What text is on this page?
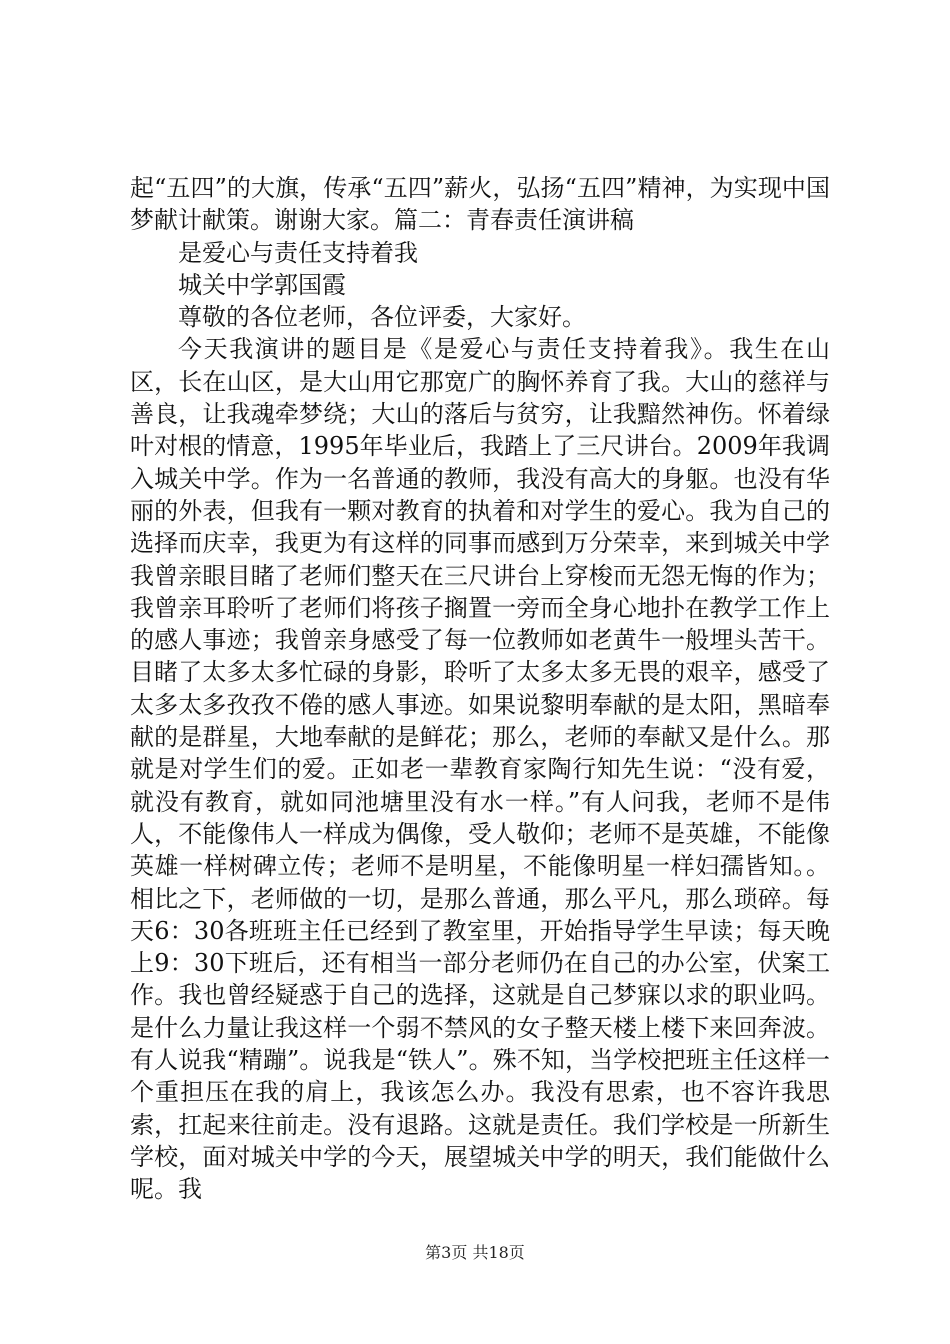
起“五四”的大旗，传承“五四”薪火，弘扬“五四”精神，为实现中国梦献计献策。谢谢大家。篇二：青春责任演讲稿

是爱心与责任支持着我

城关中学郭国霞

尊敬的各位老师，各位评委，大家好。

今天我演讲的题目是《是爱心与责任支持着我》。我生在山区，长在山区，是大山用它那宽广的胸怀养育了我。大山的慈祥与善良，让我魂牵梦绕；大山的落后与贫穷，让我黯然神伤。怀着绿叶对根的情意，1995年毕业后，我踏上了三尺讲台。2009年我调入城关中学。作为一名普通的教师，我没有高大的身躯。也没有华丽的外表，但我有一颗对教育的执着和对学生的爱心。我为自己的选择而庆幸，我更为有这样的同事而感到万分荣幸，来到城关中学我曾亲眼目睹了老师们整天在三尺讲台上穿梭而无怨无悔的作为；我曾亲耳聆听了老师们将孩子搁置一旁而全身心地扑在教学工作上的感人事迹；我曾亲身感受了每一位教师如老黄牛一般埋头苦干。目睹了太多太多忙碌的身影，聆听了太多太多无畏的艰辛，感受了太多太多孜孜不倦的感人事迹。如果说黎明奉献的是太阳，黑暗奉献的是群星，大地奉献的是鲜花；那么，老师的奉献又是什么。那就是对学生们的爱。正如老一辈教育家陶行知先生说：“没有爱，就没有教育，就如同池塘里没有水一样。”有人问我，老师不是伟人，不能像伟人一样成为偶像，受人敬仰；老师不是英雄，不能像英雄一样树碑立传；老师不是明星，不能像明星一样妇孺皆知。。相比之下，老师做的一切，是那么普通，那么平凡，那么琐碎。每天6：30各班班主任已经到了教室里，开始指导学生早读；每天晚上9：30下班后，还有相当一部分老师仍在自己的办公室，伏案工作。我也曾经疑惑于自己的选择，这就是自己梦寐以求的职业吗。是什么力量让我这样一个弱不禁风的女子整天楼上楼下来回奔波。有人说我“精蹦”。说我是“铁人”。殊不知，当学校把班主任这样一个重担压在我的肩上，我该怎么办。我没有思索，也不容许我思索，扛起来往前走。没有退路。这就是责任。我们学校是一所新生学校，面对城关中学的今天，展望城关中学的明天，我们能做什么呢。我

第3页 共18页
